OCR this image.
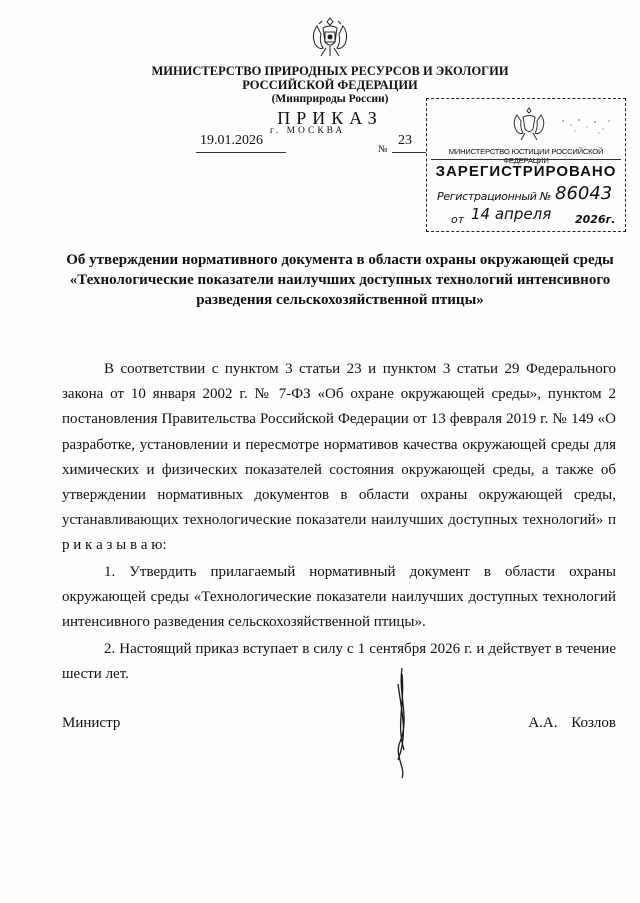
МИНИСТЕРСТВО ПРИРОДНЫХ РЕСУРСОВ И ЭКОЛОГИИ
РОССИЙСКОЙ ФЕДЕРАЦИИ
(Минприроды России)
ПРИКАЗ
г. МОСКВА
19.01.2026
№
23
МИНИСТЕРСТВО ЮСТИЦИИ РОССИЙСКОЙ ФЕДЕРАЦИИ
ЗАРЕГИСТРИРОВАНО
Регистрационный № 86043
от 14 апреля 2026г.
Об утверждении нормативного документа в области охраны окружающей среды «Технологические показатели наилучших доступных технологий интенсивного разведения сельскохозяйственной птицы»
В соответствии с пунктом 3 статьи 23 и пунктом 3 статьи 29 Федерального закона от 10 января 2002 г. № 7-ФЗ «Об охране окружающей среды», пунктом 2 постановления Правительства Российской Федерации от 13 февраля 2019 г. № 149 «О разработке, установлении и пересмотре нормативов качества окружающей среды для химических и физических показателей состояния окружающей среды, а также об утверждении нормативных документов в области охраны окружающей среды, устанавливающих технологические показатели наилучших доступных технологий» п р и к а з ы в а ю:
1. Утвердить прилагаемый нормативный документ в области охраны окружающей среды «Технологические показатели наилучших доступных технологий интенсивного разведения сельскохозяйственной птицы».
2. Настоящий приказ вступает в силу с 1 сентября 2026 г. и действует в течение шести лет.
Министр	А.А. Козлов
